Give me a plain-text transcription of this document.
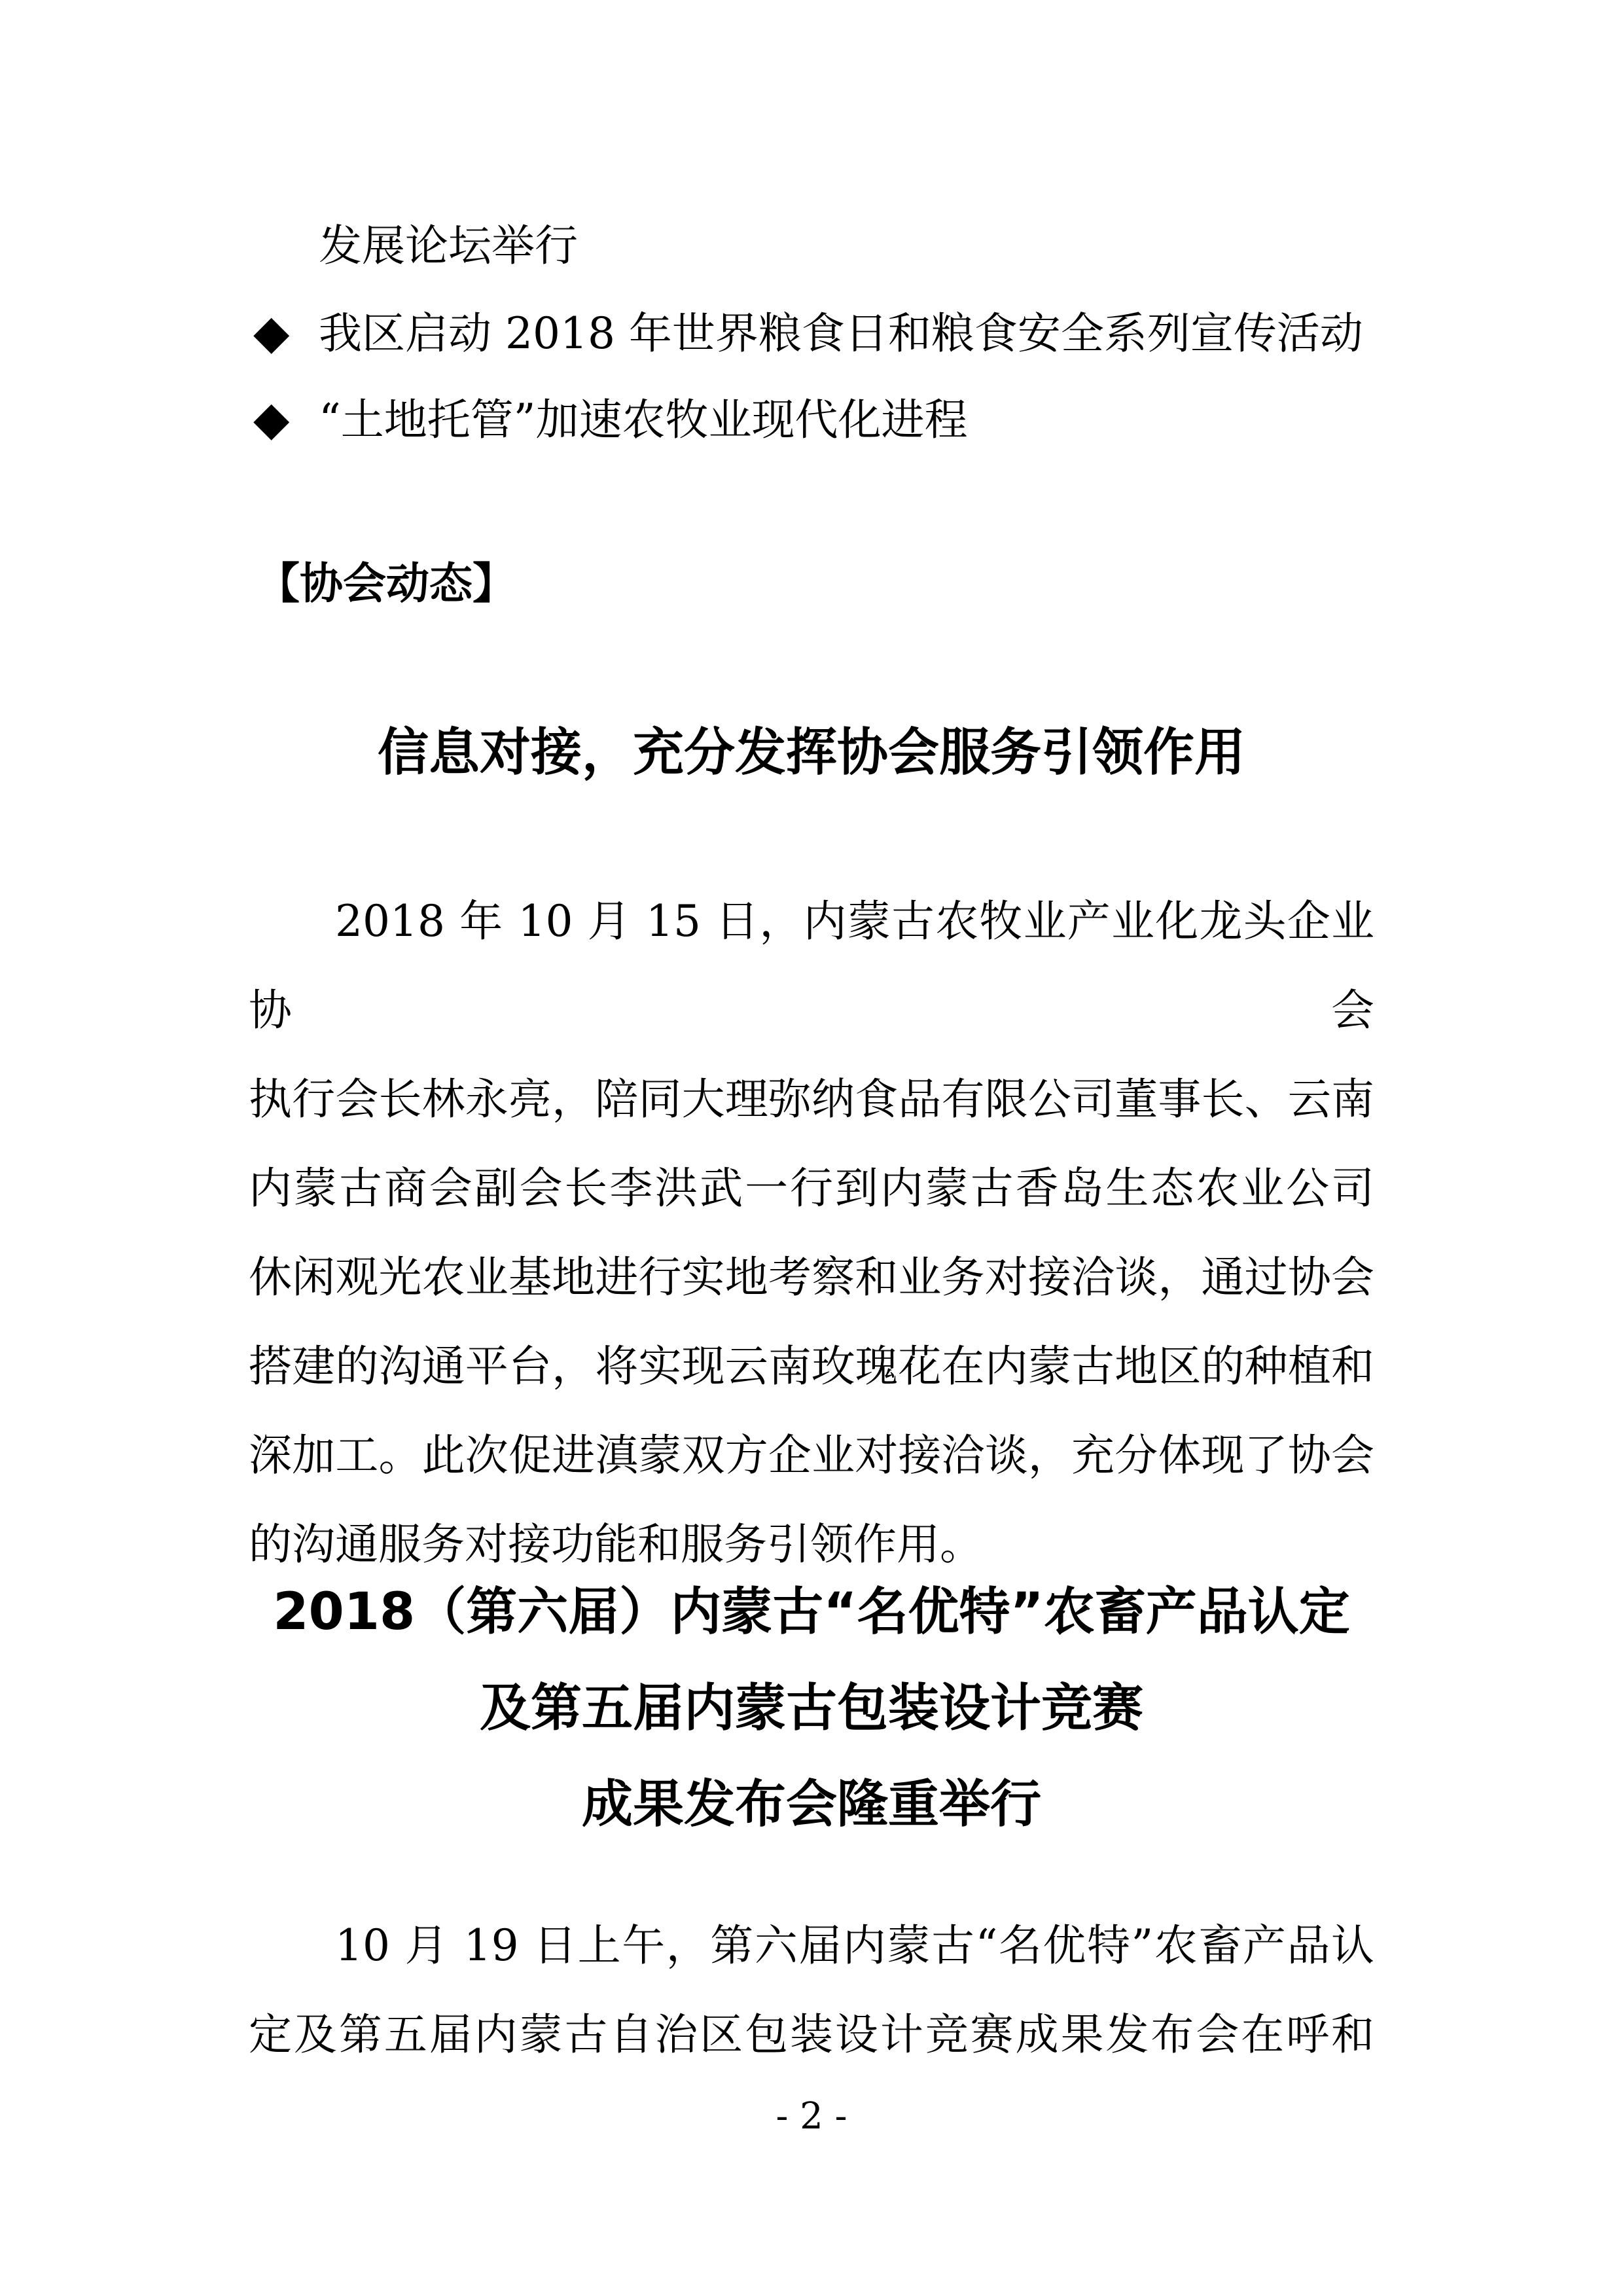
发展论坛举行
◆ 我区启动 2018 年世界粮食日和粮食安全系列宣传活动
◆ “土地托管”加速农牧业现代化进程
【协会动态】
信息对接，充分发挥协会服务引领作用
2018 年 10 月 15 日，内蒙古农牧业产业化龙头企业协会
执行会长林永亮，陪同大理弥纳食品有限公司董事长、云南
内蒙古商会副会长李洪武一行到内蒙古香岛生态农业公司
休闲观光农业基地进行实地考察和业务对接洽谈，通过协会
搭建的沟通平台，将实现云南玫瑰花在内蒙古地区的种植和
深加工。此次促进滇蒙双方企业对接洽谈，充分体现了协会
的沟通服务对接功能和服务引领作用。
2018（第六届）内蒙古“名优特”农畜产品认定
及第五届内蒙古包装设计竞赛
成果发布会隆重举行
10 月 19 日上午，第六届内蒙古“名优特”农畜产品认
定及第五届内蒙古自治区包装设计竞赛成果发布会在呼和
- 2 -
